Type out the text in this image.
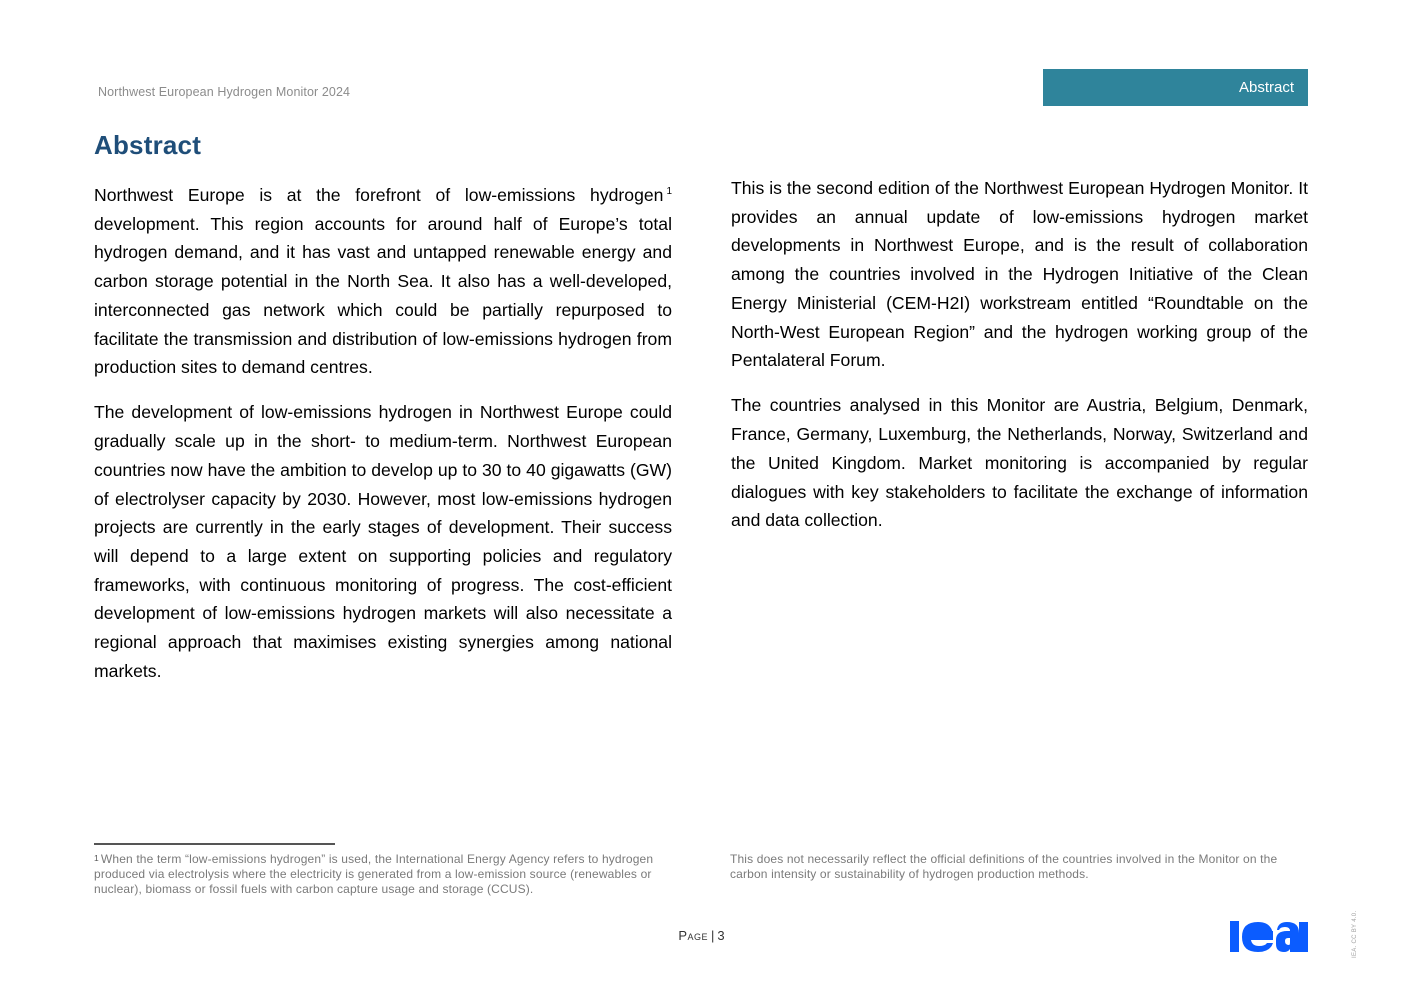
Northwest European Hydrogen Monitor 2024	Abstract
Abstract

Northwest Europe is at the forefront of low-emissions hydrogen $^1$ development. This region accounts for around half of Europe’s total hydrogen demand, and it has vast and untapped renewable energy and carbon storage potential in the North Sea. It also has a well-developed, interconnected gas network which could be partially repurposed to facilitate the transmission and distribution of low-emissions hydrogen from production sites to demand centres.

The development of low-emissions hydrogen in Northwest Europe could gradually scale up in the short- to medium-term. Northwest European countries now have the ambition to develop up to 30 to 40 gigawatts (GW) of electrolyser capacity by 2030. However, most low-emissions hydrogen projects are currently in the early stages of development. Their success will depend to a large extent on supporting policies and regulatory frameworks, with continuous monitoring of progress. The cost-efficient development of low-emissions hydrogen markets will also necessitate a regional approach that maximises existing synergies among national markets.

This is the second edition of the Northwest European Hydrogen Monitor. It provides an annual update of low-emissions hydrogen market developments in Northwest Europe, and is the result of collaboration among the countries involved in the Hydrogen Initiative of the Clean Energy Ministerial (CEM-H2I) workstream entitled “Roundtable on the North-West European Region” and the hydrogen working group of the Pentalateral Forum.

The countries analysed in this Monitor are Austria, Belgium, Denmark, France, Germany, Luxemburg, the Netherlands, Norway, Switzerland and the United Kingdom. Market monitoring is accompanied by regular dialogues with key stakeholders to facilitate the exchange of information and data collection.

$^1$ When the term “low-emissions hydrogen” is used, the International Energy Agency refers to hydrogen produced via electrolysis where the electricity is generated from a low-emission source (renewables or nuclear), biomass or fossil fuels with carbon capture usage and storage (CCUS).
This does not necessarily reflect the official definitions of the countries involved in the Monitor on the carbon intensity or sustainability of hydrogen production methods.
Page | 3	IEA. CC BY 4.0.
